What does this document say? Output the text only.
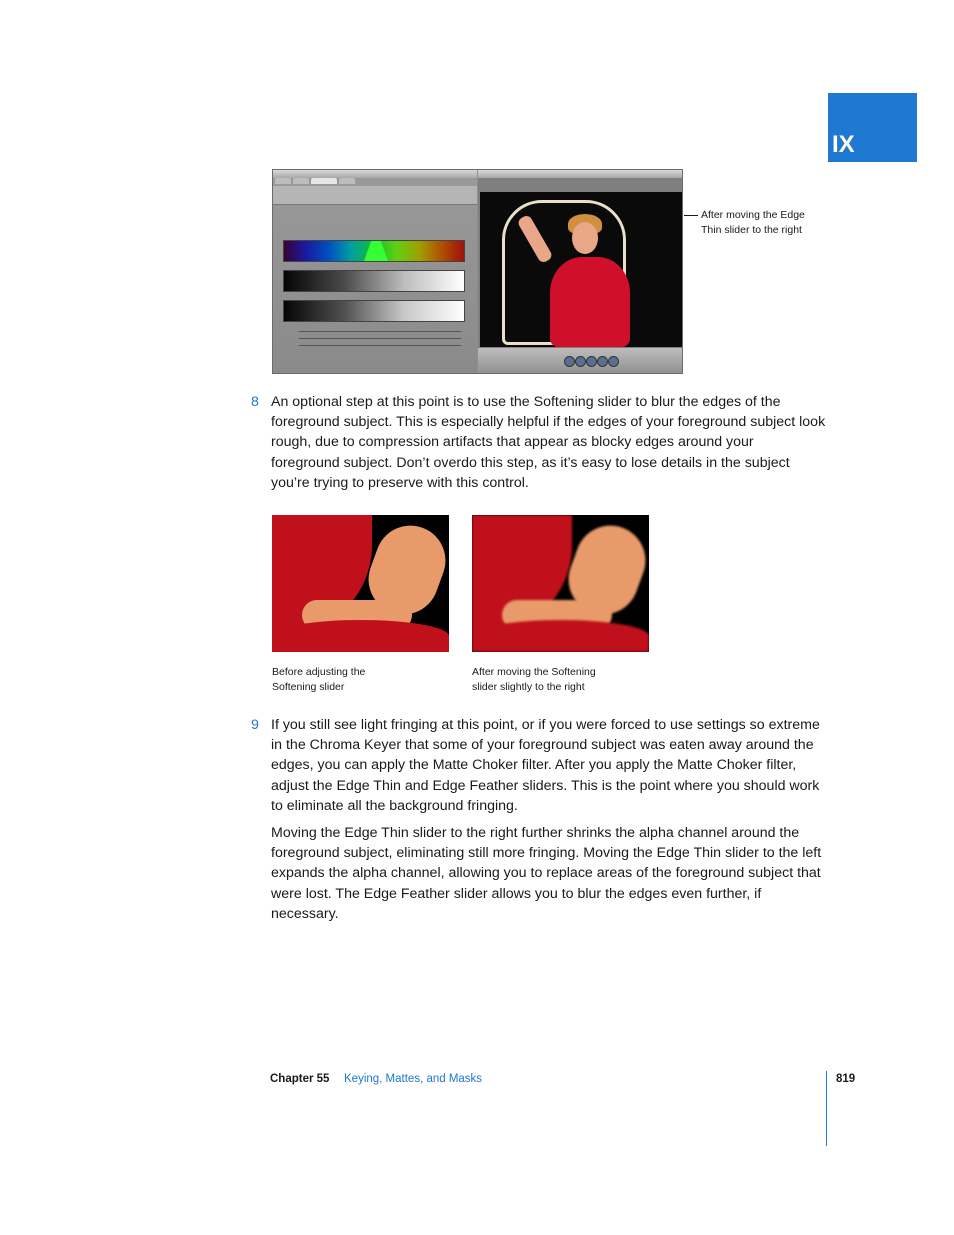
IX
After moving the Edge
Thin slider to the right
8 An optional step at this point is to use the Softening slider to blur the edges of the foreground subject. This is especially helpful if the edges of your foreground subject look rough, due to compression artifacts that appear as blocky edges around your foreground subject. Don’t overdo this step, as it’s easy to lose details in the subject you’re trying to preserve with this control.
Before adjusting the
Softening slider
After moving the Softening
slider slightly to the right
9 If you still see light fringing at this point, or if you were forced to use settings so extreme in the Chroma Keyer that some of your foreground subject was eaten away around the edges, you can apply the Matte Choker filter. After you apply the Matte Choker filter, adjust the Edge Thin and Edge Feather sliders. This is the point where you should work to eliminate all the background fringing.
Moving the Edge Thin slider to the right further shrinks the alpha channel around the foreground subject, eliminating still more fringing. Moving the Edge Thin slider to the left expands the alpha channel, allowing you to replace areas of the foreground subject that were lost. The Edge Feather slider allows you to blur the edges even further, if necessary.
Chapter 55 Keying, Mattes, and Masks	819
